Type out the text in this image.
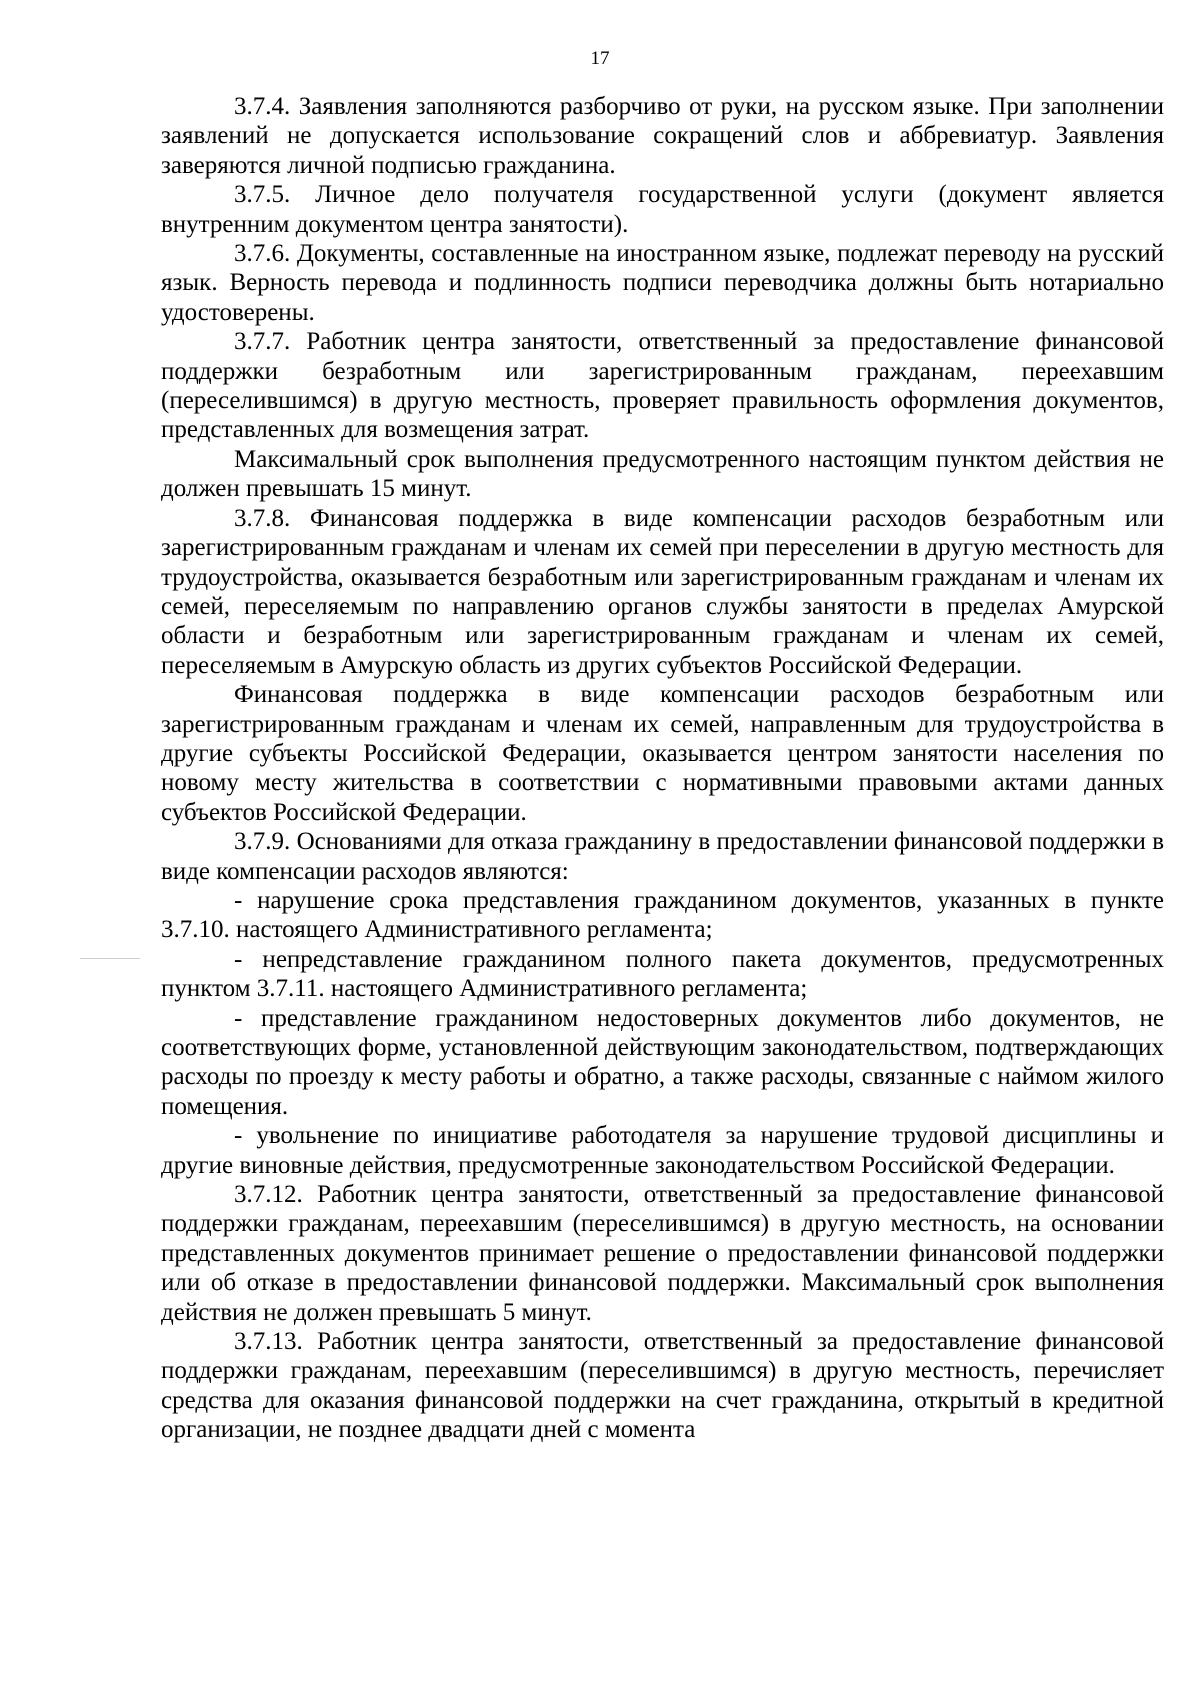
17

3.7.4. Заявления заполняются разборчиво от руки, на русском языке. При заполнении заявлений не допускается использование сокращений слов и аббревиатур. Заявления заверяются личной подписью гражданина.

3.7.5. Личное дело получателя государственной услуги (документ является внутренним документом центра занятости).

3.7.6. Документы, составленные на иностранном языке, подлежат переводу на русский язык. Верность перевода и подлинность подписи переводчика должны быть нотариально удостоверены.

3.7.7. Работник центра занятости, ответственный за предоставление финансовой поддержки безработным или зарегистрированным гражданам, переехавшим (переселившимся) в другую местность, проверяет правильность оформления документов, представленных для возмещения затрат.

Максимальный срок выполнения предусмотренного настоящим пунктом действия не должен превышать 15 минут.

3.7.8. Финансовая поддержка в виде компенсации расходов безработным или зарегистрированным гражданам и членам их семей при переселении в другую местность для трудоустройства, оказывается безработным или зарегистрированным гражданам и членам их семей, переселяемым по направлению органов службы занятости в пределах Амурской области и безработным или зарегистрированным гражданам и членам их семей, переселяемым в Амурскую область из других субъектов Российской Федерации.

Финансовая поддержка в виде компенсации расходов безработным или зарегистрированным гражданам и членам их семей, направленным для трудоустройства в другие субъекты Российской Федерации, оказывается центром занятости населения по новому месту жительства в соответствии с нормативными правовыми актами данных субъектов Российской Федерации.

3.7.9. Основаниями для отказа гражданину в предоставлении финансовой поддержки в виде компенсации расходов являются:

- нарушение срока представления гражданином документов, указанных в пункте 3.7.10. настоящего Административного регламента;

- непредставление гражданином полного пакета документов, предусмотренных пунктом 3.7.11. настоящего Административного регламента;

- представление гражданином недостоверных документов либо документов, не соответствующих форме, установленной действующим законодательством, подтверждающих расходы по проезду к месту работы и обратно, а также расходы, связанные с наймом жилого помещения.

- увольнение по инициативе работодателя за нарушение трудовой дисциплины и другие виновные действия, предусмотренные законодательством Российской Федерации.

3.7.12. Работник центра занятости, ответственный за предоставление финансовой поддержки гражданам, переехавшим (переселившимся) в другую местность, на основании представленных документов принимает решение о предоставлении финансовой поддержки или об отказе в предоставлении финансовой поддержки. Максимальный срок выполнения действия не должен превышать 5 минут.

3.7.13. Работник центра занятости, ответственный за предоставление финансовой поддержки гражданам, переехавшим (переселившимся) в другую местность, перечисляет средства для оказания финансовой поддержки на счет гражданина, открытый в кредитной организации, не позднее двадцати дней с момента
